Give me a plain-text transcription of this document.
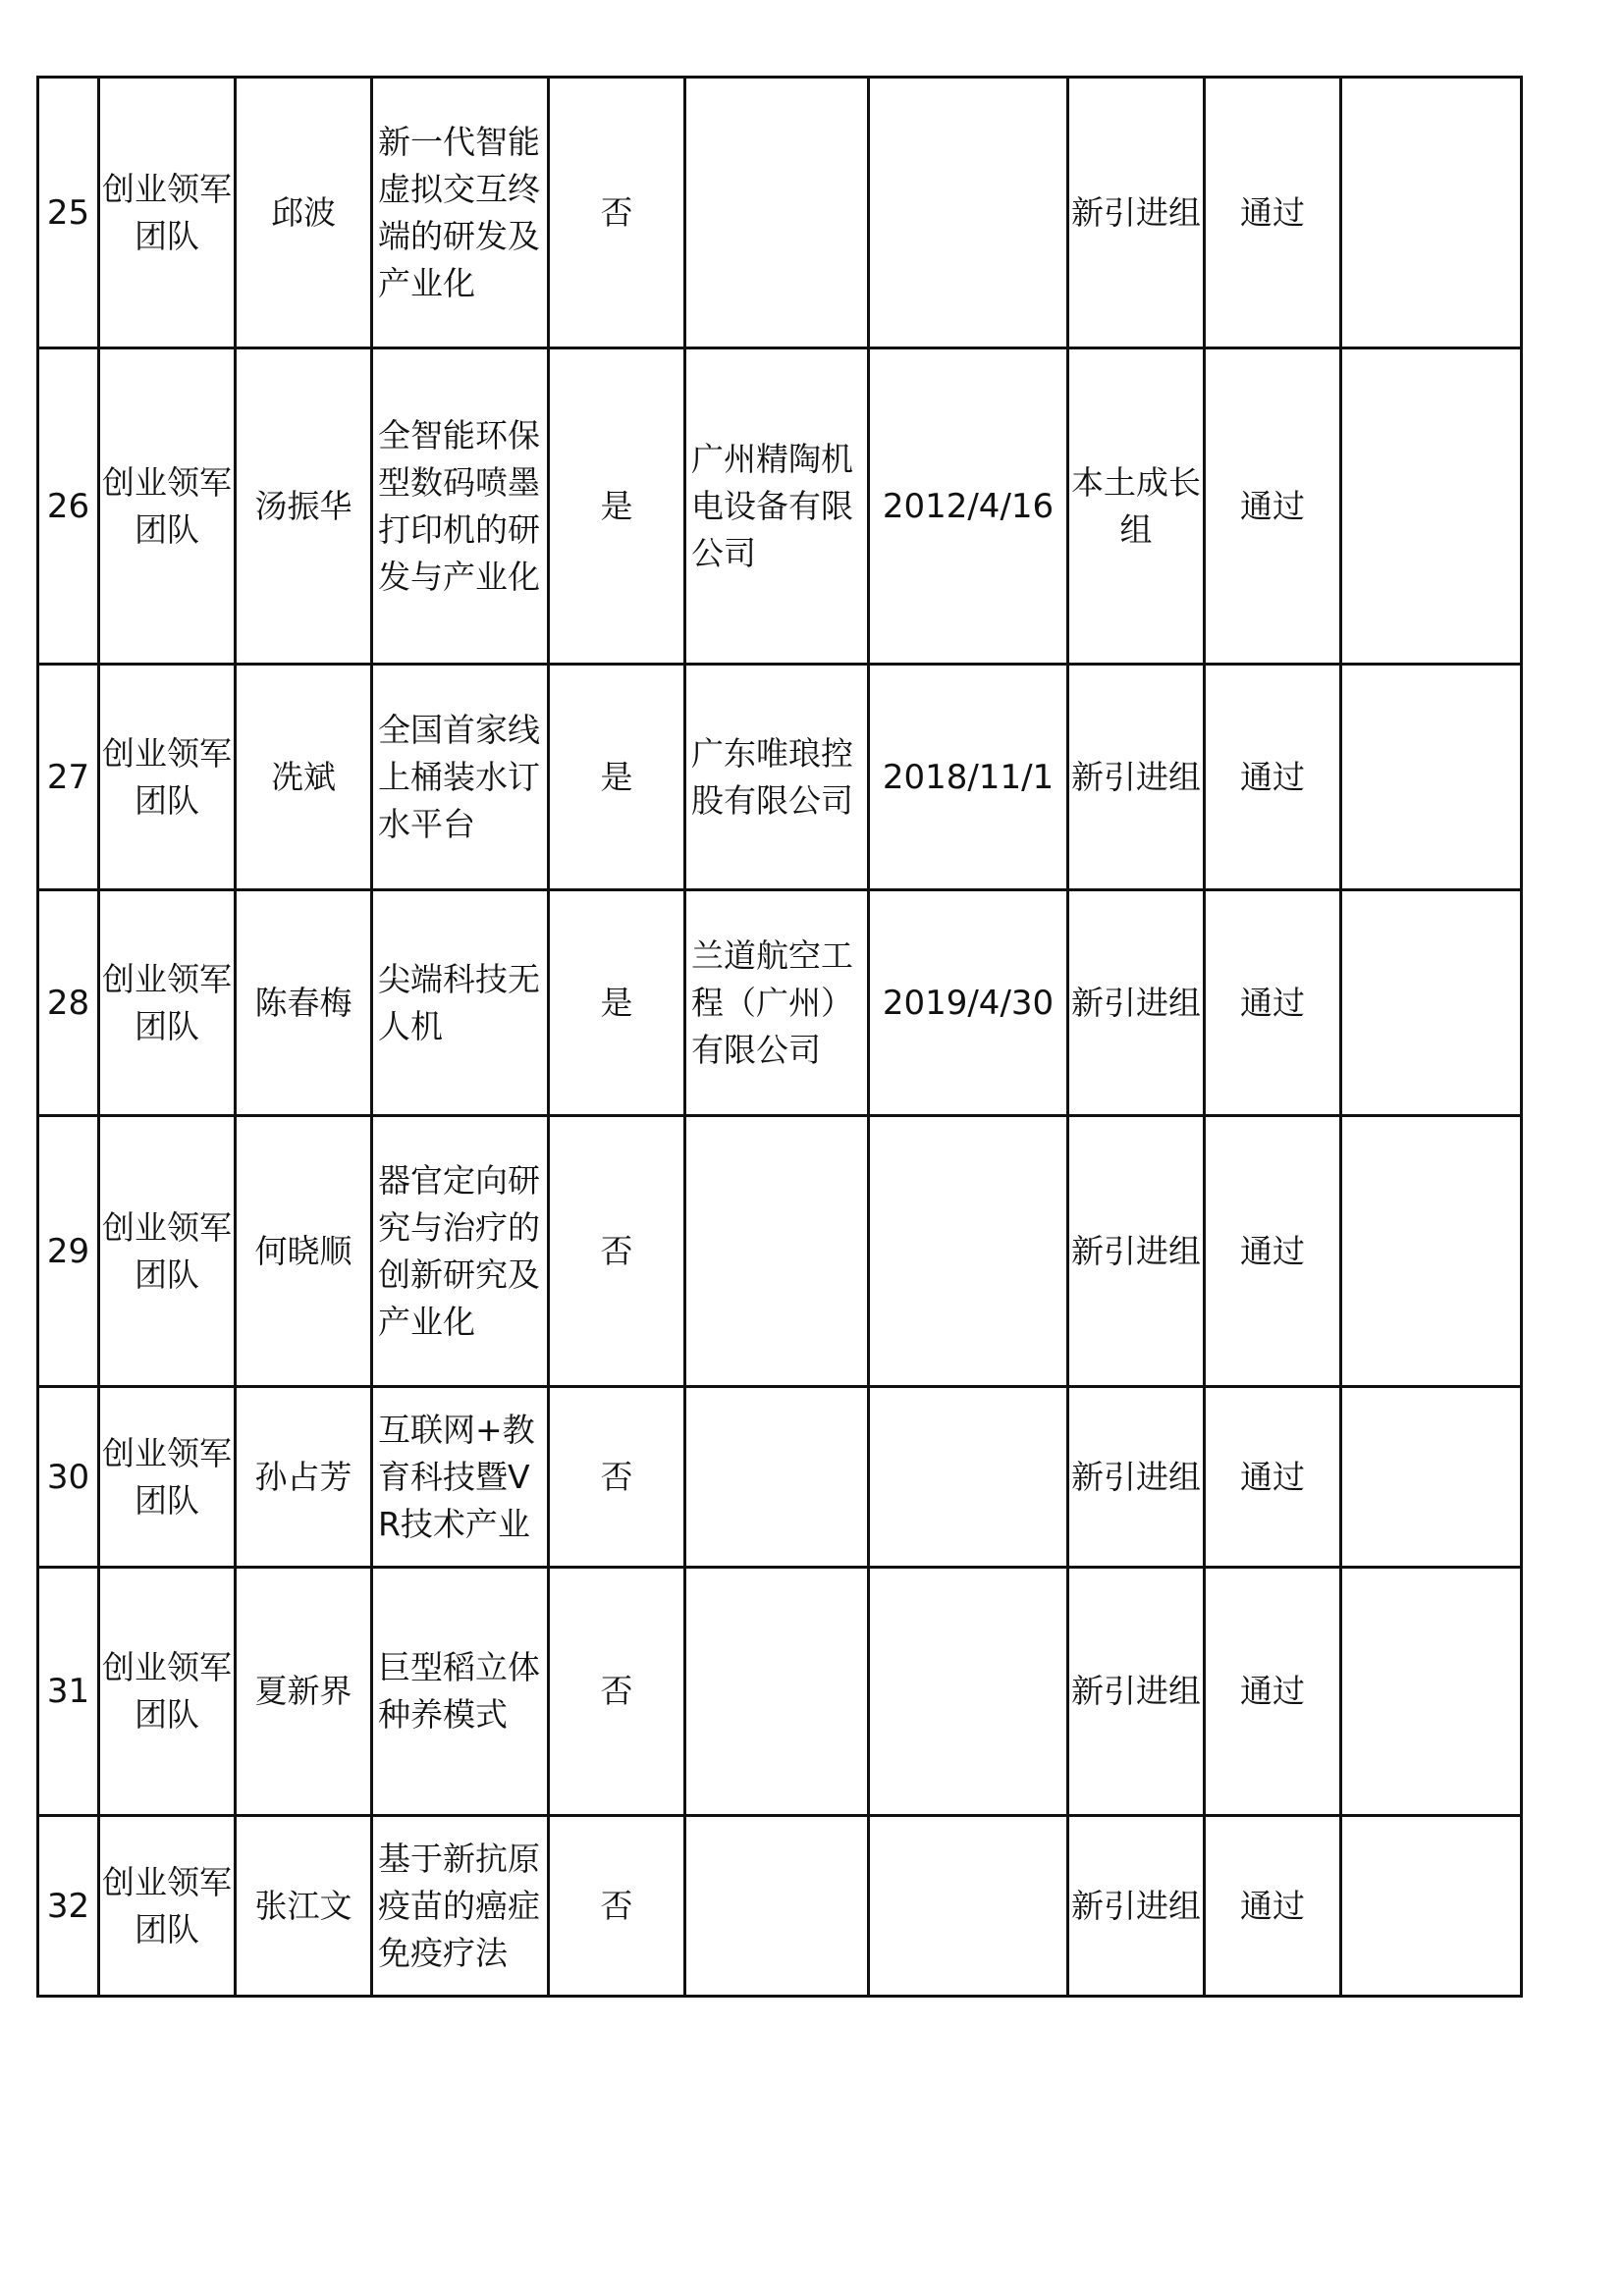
25	创业领军团队	邱波	新一代智能虚拟交互终端的研发及产业化	否			新引进组	通过	
26	创业领军团队	汤振华	全智能环保型数码喷墨打印机的研发与产业化	是	广州精陶机电设备有限公司	2012/4/16	本土成长组	通过	
27	创业领军团队	冼斌	全国首家线上桶装水订水平台	是	广东唯琅控股有限公司	2018/11/1	新引进组	通过	
28	创业领军团队	陈春梅	尖端科技无人机	是	兰道航空工程（广州）有限公司	2019/4/30	新引进组	通过	
29	创业领军团队	何晓顺	器官定向研究与治疗的创新研究及产业化	否			新引进组	通过	
30	创业领军团队	孙占芳	互联网+教育科技暨VR技术产业	否			新引进组	通过	
31	创业领军团队	夏新界	巨型稻立体种养模式	否			新引进组	通过	
32	创业领军团队	张江文	基于新抗原疫苗的癌症免疫疗法	否			新引进组	通过	
